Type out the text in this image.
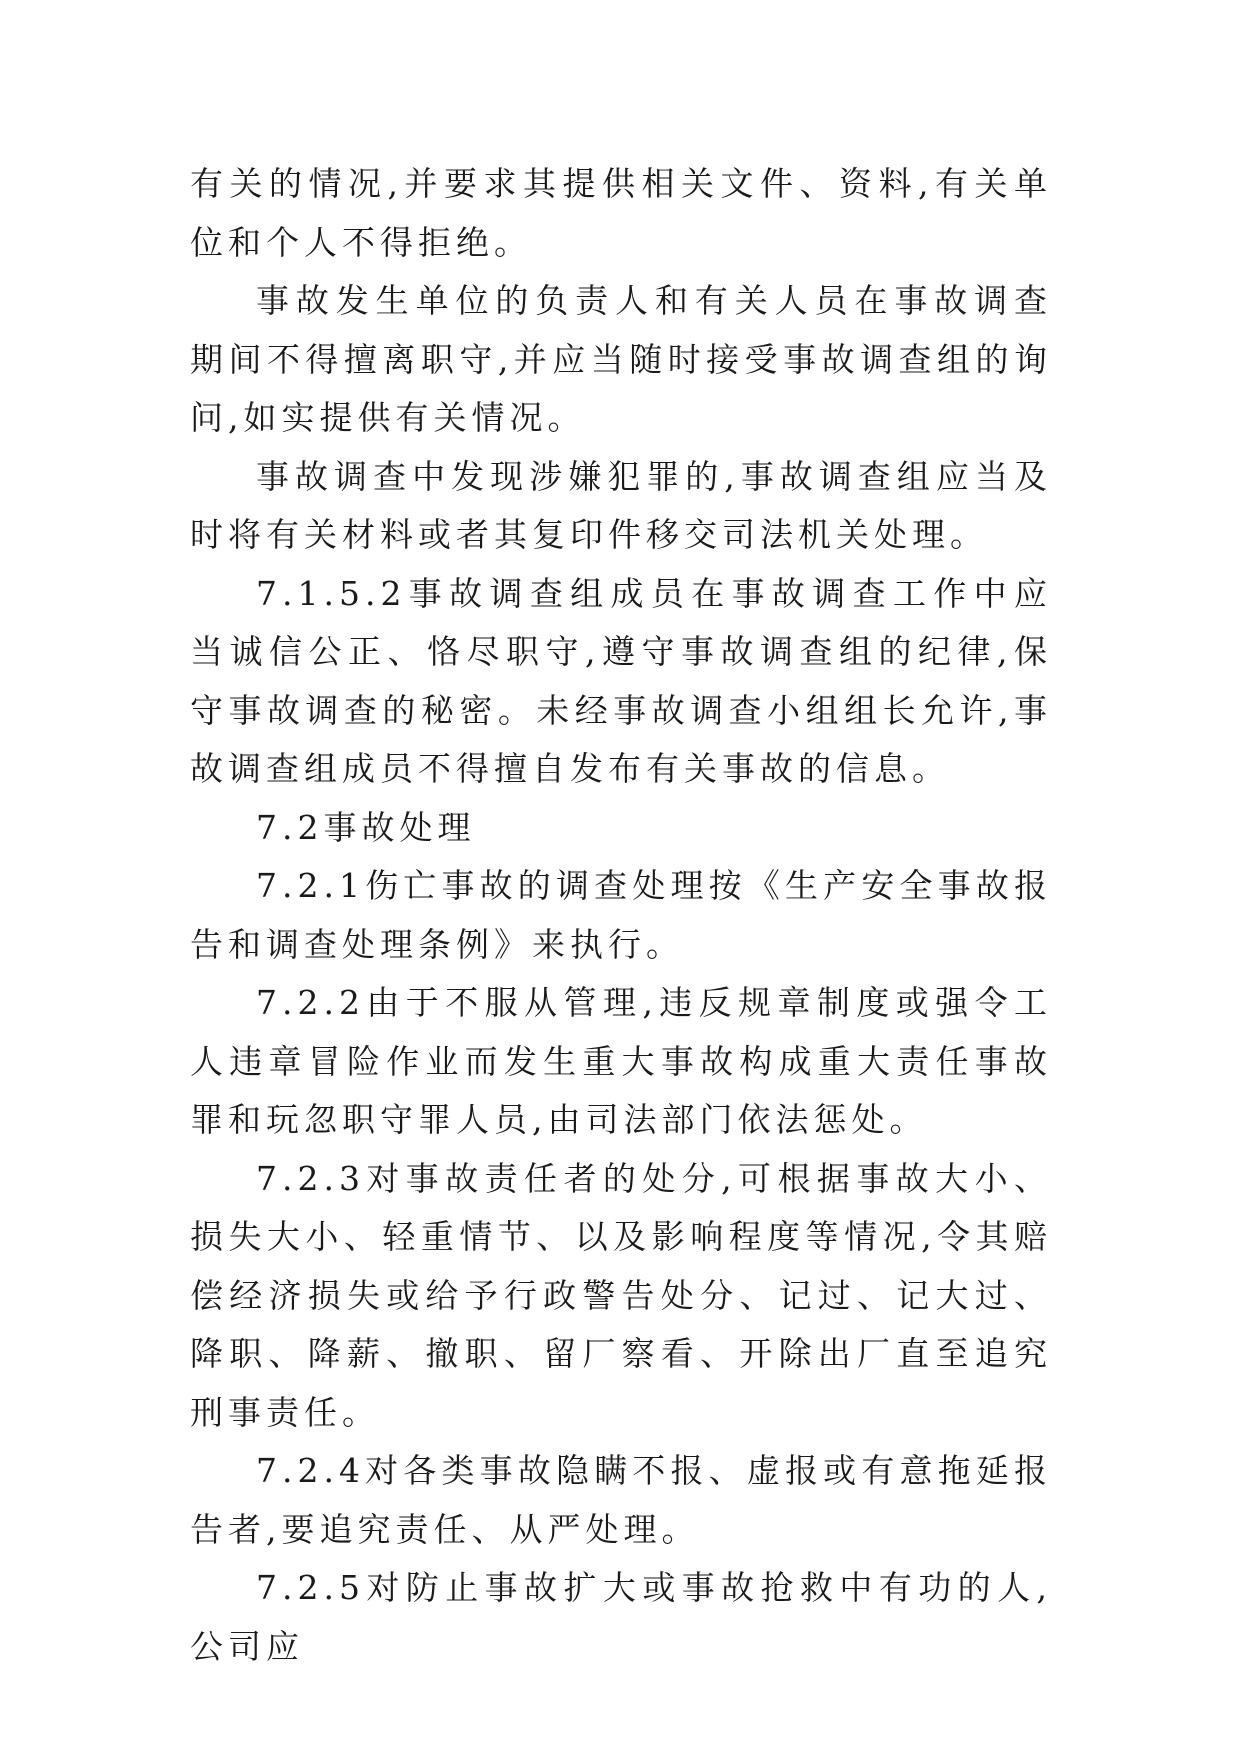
有关的情况,并要求其提供相关文件、资料,有关单位和个人不得拒绝。

事故发生单位的负责人和有关人员在事故调查期间不得擅离职守,并应当随时接受事故调查组的询问,如实提供有关情况。

事故调查中发现涉嫌犯罪的,事故调查组应当及时将有关材料或者其复印件移交司法机关处理。

7.1.5.2事故调查组成员在事故调查工作中应当诚信公正、恪尽职守,遵守事故调查组的纪律,保守事故调查的秘密。未经事故调查小组组长允许,事故调查组成员不得擅自发布有关事故的信息。

7.2事故处理

7.2.1伤亡事故的调查处理按《生产安全事故报告和调查处理条例》来执行。

7.2.2由于不服从管理,违反规章制度或强令工人违章冒险作业而发生重大事故构成重大责任事故罪和玩忽职守罪人员,由司法部门依法惩处。

7.2.3对事故责任者的处分,可根据事故大小、损失大小、轻重情节、以及影响程度等情况,令其赔偿经济损失或给予行政警告处分、记过、记大过、降职、降薪、撤职、留厂察看、开除出厂直至追究刑事责任。

7.2.4对各类事故隐瞒不报、虚报或有意拖延报告者,要追究责任、从严处理。

7.2.5对防止事故扩大或事故抢救中有功的人,公司应
